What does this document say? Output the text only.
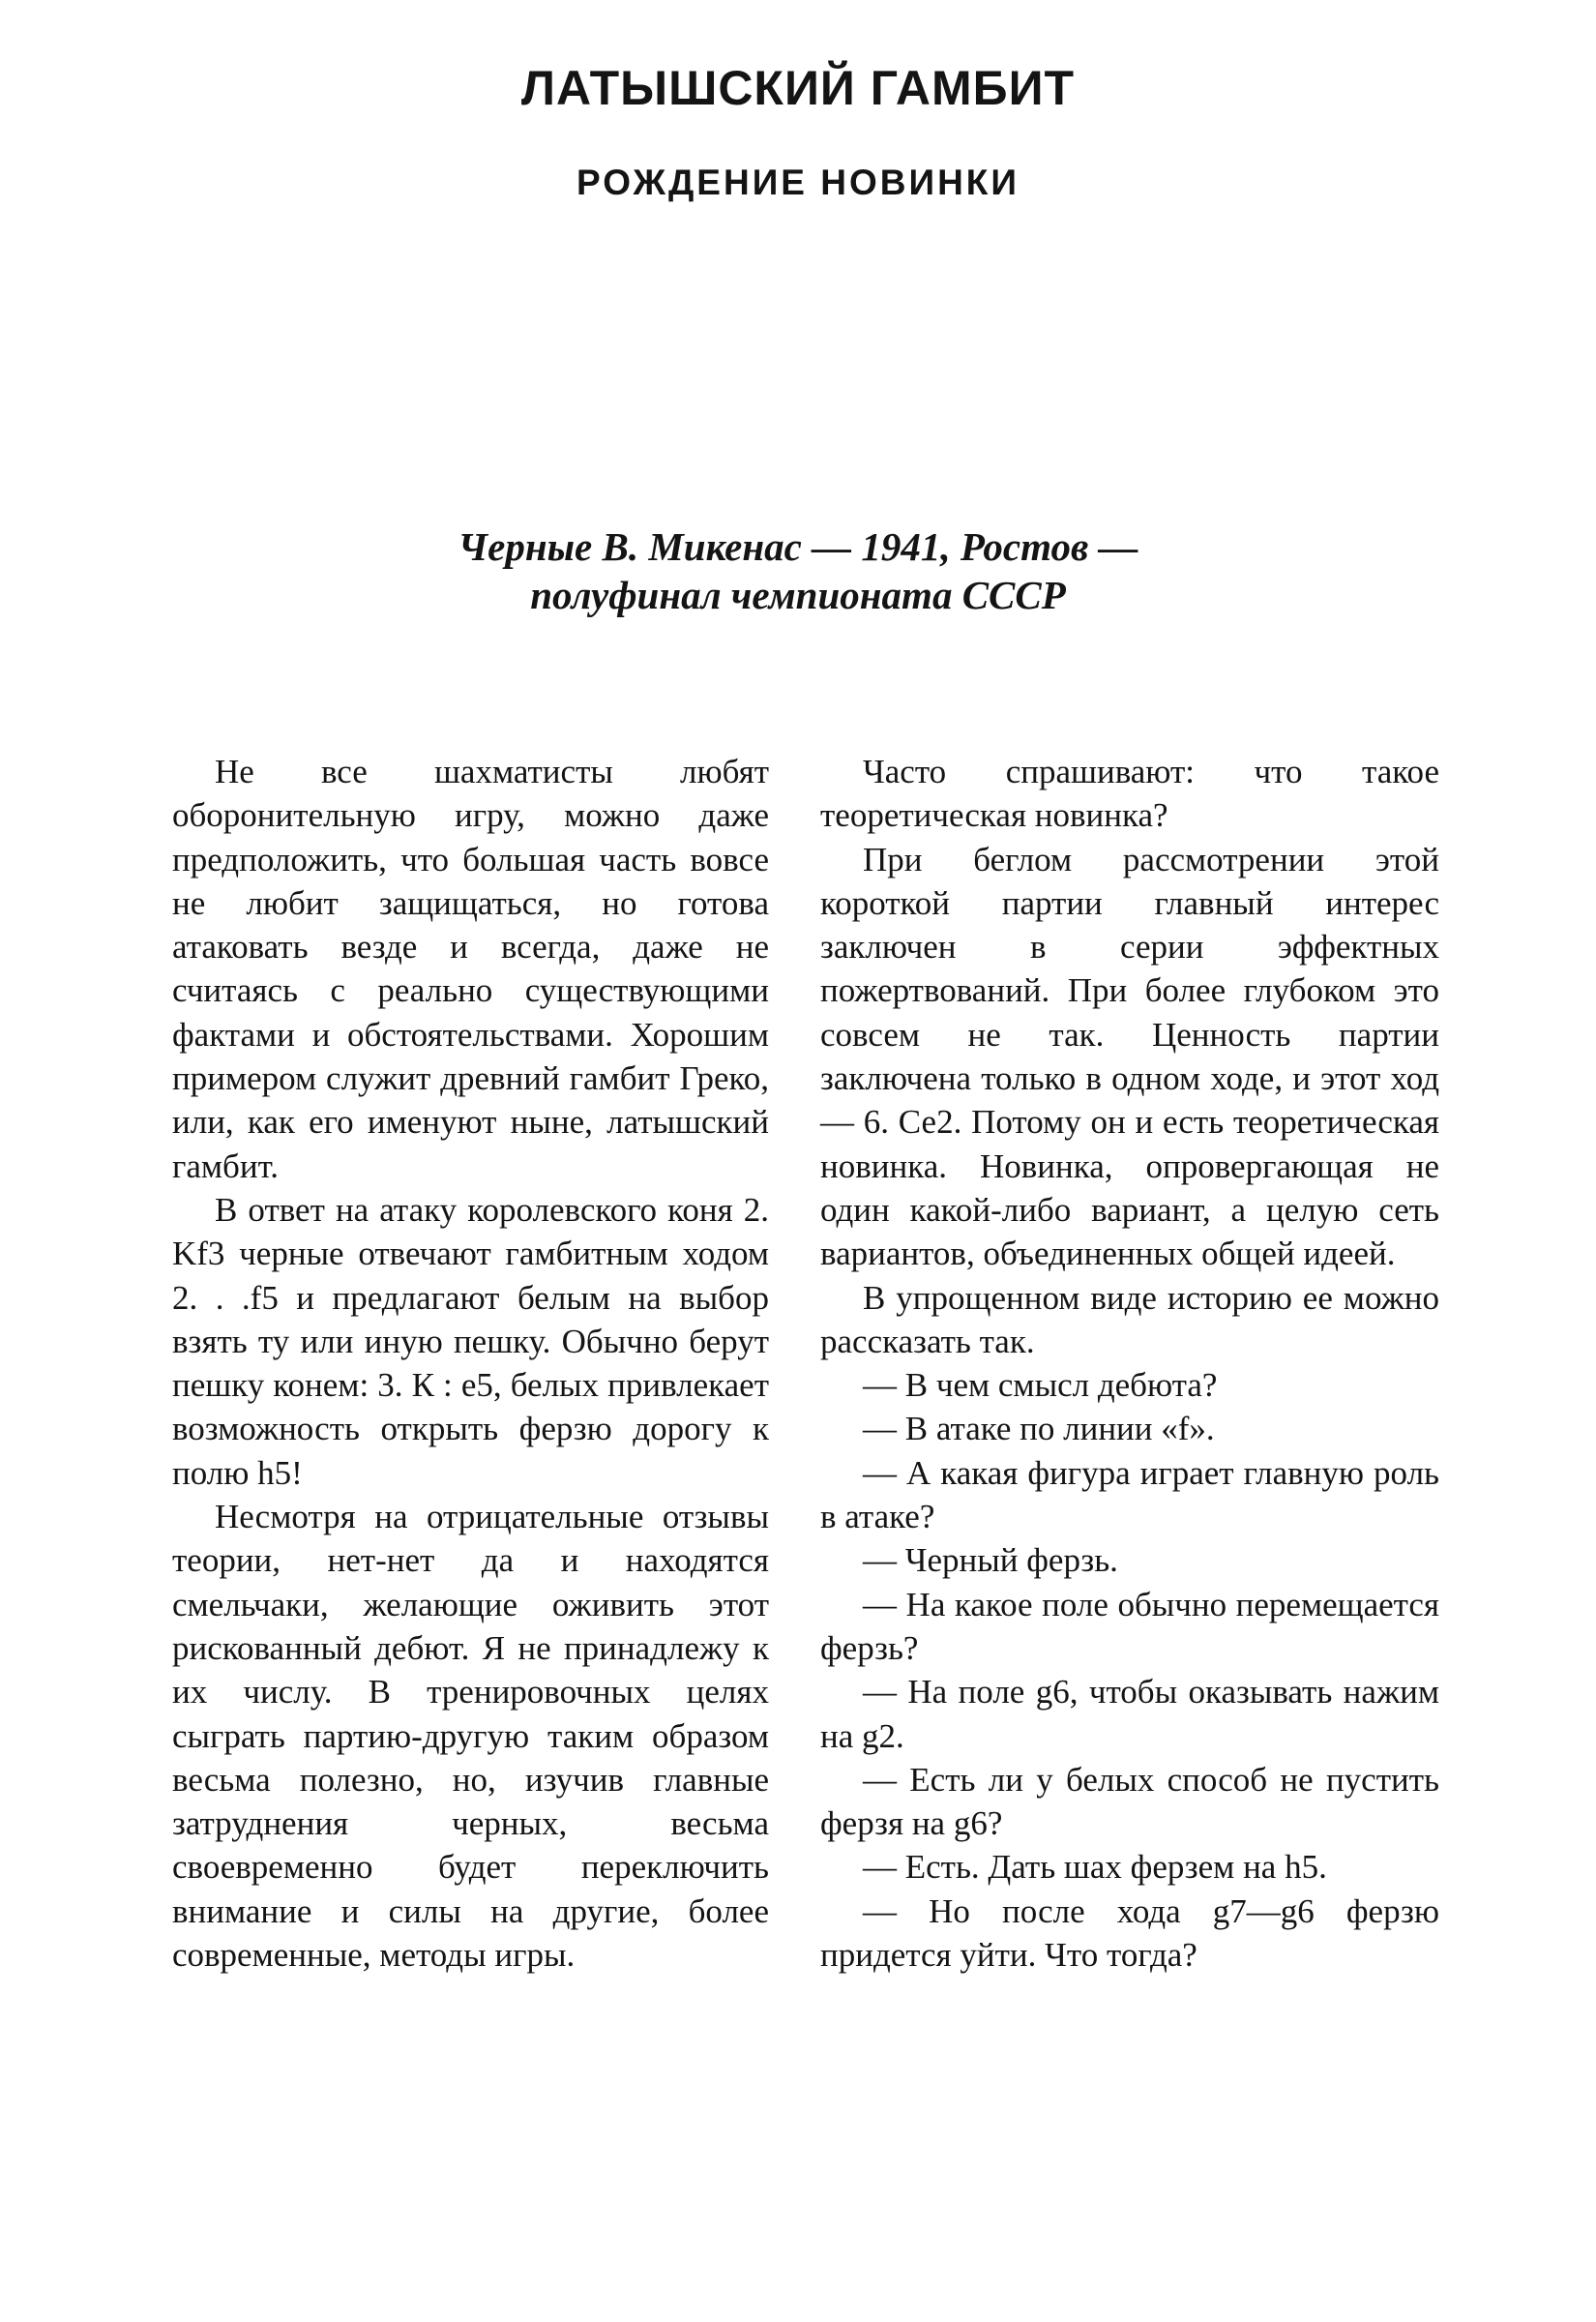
ЛАТЫШСКИЙ ГАМБИТ
РОЖДЕНИЕ НОВИНКИ
Черные В. Микенас — 1941, Ростов —
полуфинал чемпионата СССР

Не все шахматисты любят оборонительную игру, можно даже предположить, что большая часть вовсе не любит защищаться, но готова атаковать везде и всегда, даже не считаясь с реально существующими фактами и обстоятельствами. Хорошим примером служит древний гамбит Греко, или, как его именуют ныне, латышский гамбит.

В ответ на атаку королевского коня 2. Kf3 черные отвечают гамбитным ходом 2. . .f5 и предлагают белым на выбор взять ту или иную пешку. Обычно берут пешку конем: 3. К : е5, белых привлекает возможность открыть ферзю дорогу к полю h5!

Несмотря на отрицательные отзывы теории, нет-нет да и находятся смельчаки, желающие оживить этот рискованный дебют. Я не принадлежу к их числу. В тренировочных целях сыграть партию-другую таким образом весьма полезно, но, изучив главные затруднения черных, весьма своевременно будет переключить внимание и силы на другие, более современные, методы игры.

Часто спрашивают: что такое теоретическая новинка?

При беглом рассмотрении этой короткой партии главный интерес заключен в серии эффектных пожертвований. При более глубоком это совсем не так. Ценность партии заключена только в одном ходе, и этот ход — 6. Се2. Потому он и есть теоретическая новинка. Новинка, опровергающая не один какой-либо вариант, а целую сеть вариантов, объединенных общей идеей.

В упрощенном виде историю ее можно рассказать так.

— В чем смысл дебюта?

— В атаке по линии «f».

— А какая фигура играет главную роль в атаке?

— Черный ферзь.

— На какое поле обычно перемещается ферзь?

— На поле g6, чтобы оказывать нажим на g2.

— Есть ли у белых способ не пустить ферзя на g6?

— Есть. Дать шах ферзем на h5.

— Но после хода g7—g6 ферзю придется уйти. Что тогда?
